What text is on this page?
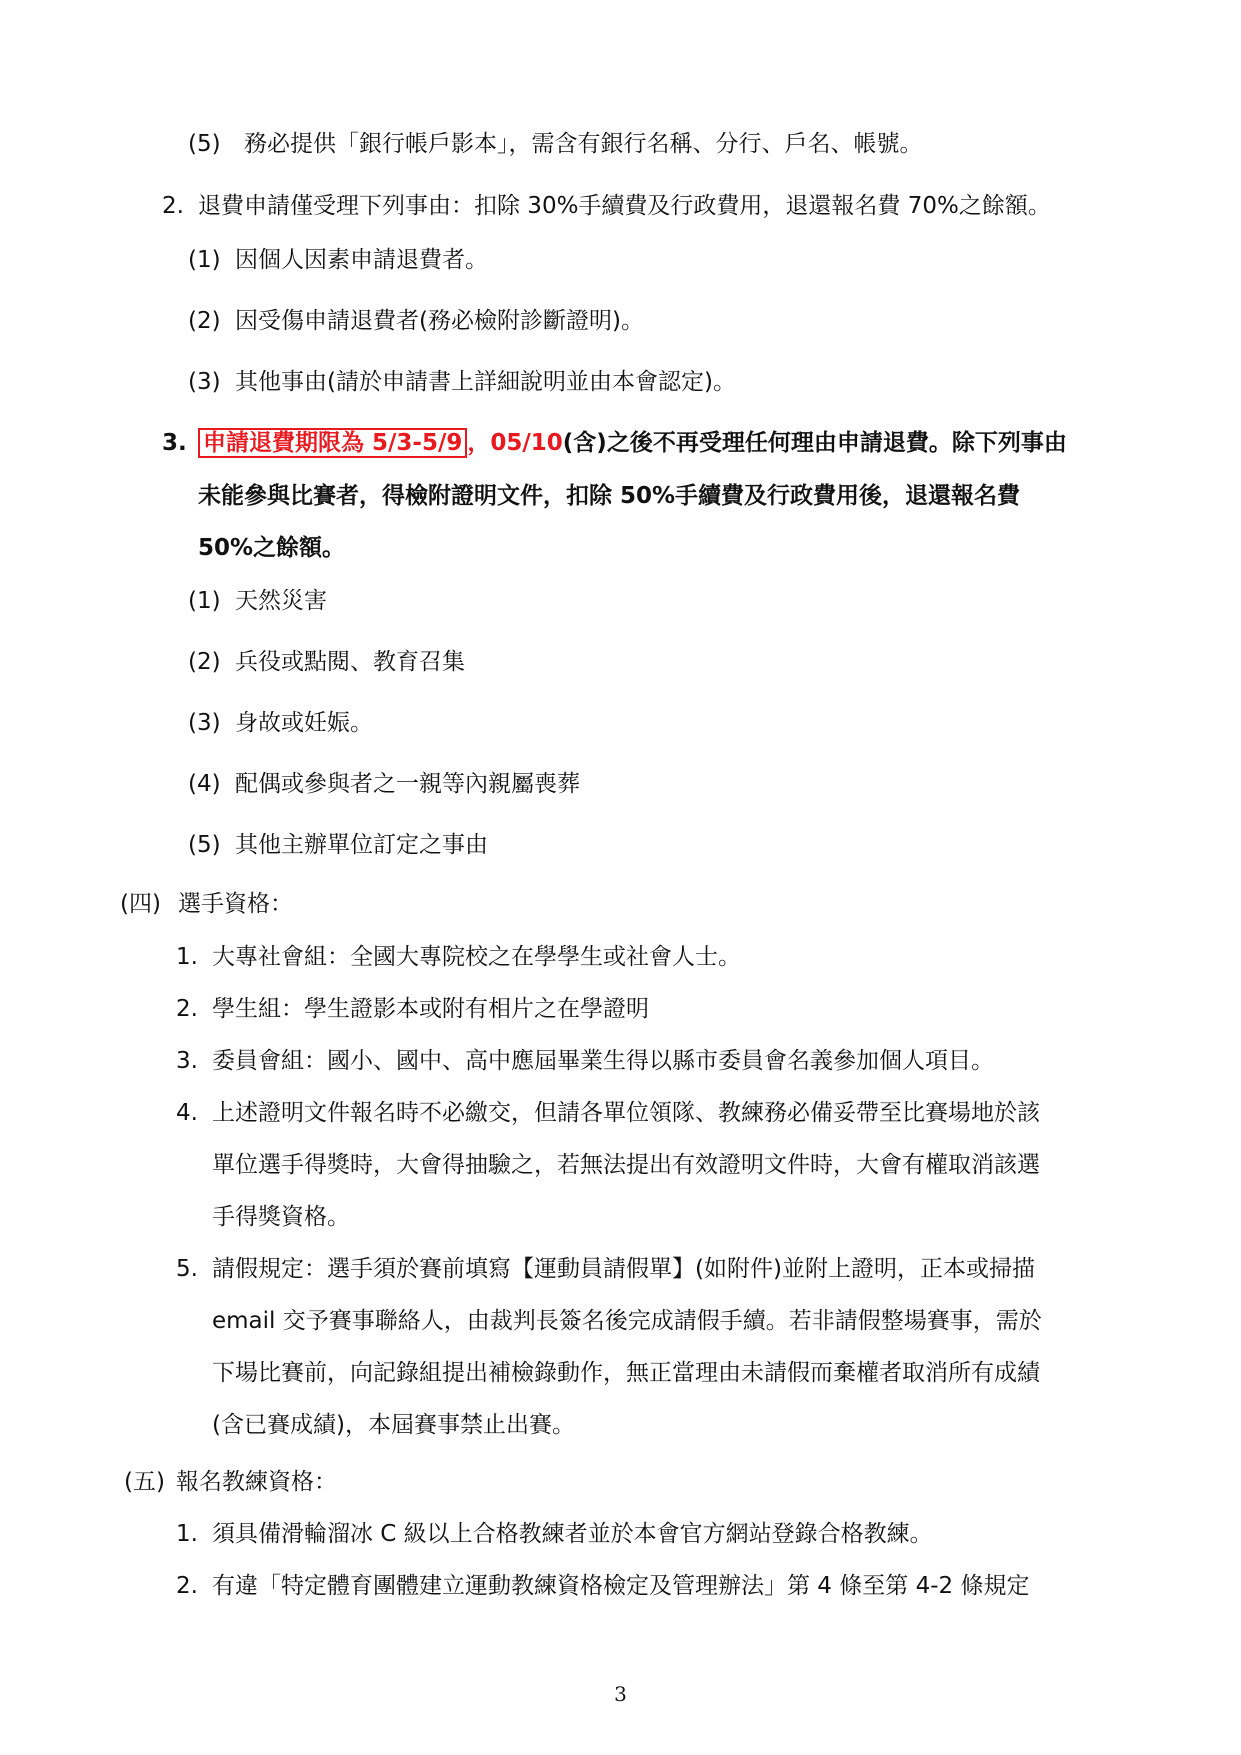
(5) 務必提供「銀行帳戶影本」，需含有銀行名稱、分行、戶名、帳號。
2. 退費申請僅受理下列事由：扣除 30%手續費及行政費用，退還報名費 70%之餘額。
(1) 因個人因素申請退費者。
(2) 因受傷申請退費者(務必檢附診斷證明)。
(3) 其他事由(請於申請書上詳細說明並由本會認定)。
3. 申請退費期限為 5/3-5/9 ，05/10(含)之後不再受理任何理由申請退費。除下列事由
未能參與比賽者，得檢附證明文件，扣除 50%手續費及行政費用後，退還報名費
50%之餘額。
(1) 天然災害
(2) 兵役或點閱、教育召集
(3) 身故或妊娠。
(4) 配偶或參與者之一親等內親屬喪葬
(5) 其他主辦單位訂定之事由
(四) 選手資格：
1. 大專社會組：全國大專院校之在學學生或社會人士。
2. 學生組：學生證影本或附有相片之在學證明
3. 委員會組：國小、國中、高中應屆畢業生得以縣市委員會名義參加個人項目。
4. 上述證明文件報名時不必繳交，但請各單位領隊、教練務必備妥帶至比賽場地於該
單位選手得獎時，大會得抽驗之，若無法提出有效證明文件時，大會有權取消該選
手得獎資格。
5. 請假規定：選手須於賽前填寫【運動員請假單】(如附件)並附上證明，正本或掃描
email 交予賽事聯絡人，由裁判長簽名後完成請假手續。若非請假整場賽事，需於
下場比賽前，向記錄組提出補檢錄動作，無正當理由未請假而棄權者取消所有成績
(含已賽成績)，本屆賽事禁止出賽。
(五) 報名教練資格：
1. 須具備滑輪溜冰 C 級以上合格教練者並於本會官方網站登錄合格教練。
2. 有違「特定體育團體建立運動教練資格檢定及管理辦法」第 4 條至第 4-2 條規定
3
